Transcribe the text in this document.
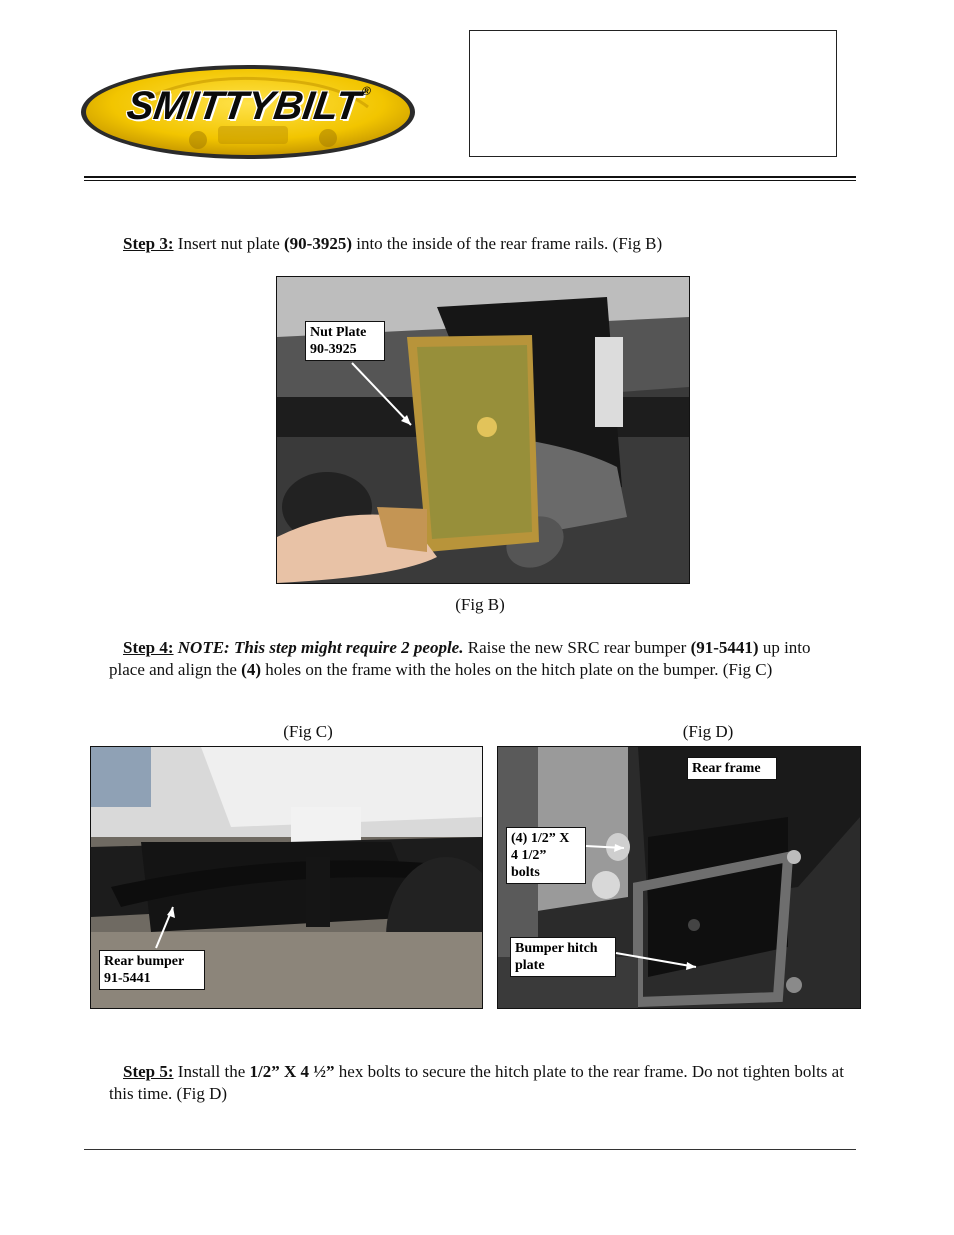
SMITTYBILT®
Step 3: Insert nut plate (90-3925) into the inside of the rear frame rails. (Fig B)
Nut Plate
90-3925
(Fig B)
Step 4: NOTE: This step might require 2 people. Raise the new SRC rear bumper (91-5441) up into place and align the (4) holes on the frame with the holes on the hitch plate on the bumper. (Fig C)
(Fig C)	(Fig D)
Rear bumper
91-5441
Rear frame
(4) 1/2” X
4 1/2”
bolts
Bumper hitch
plate
Step 5: Install the 1/2” X 4 ½” hex bolts to secure the hitch plate to the rear frame. Do not tighten bolts at this time. (Fig D)
